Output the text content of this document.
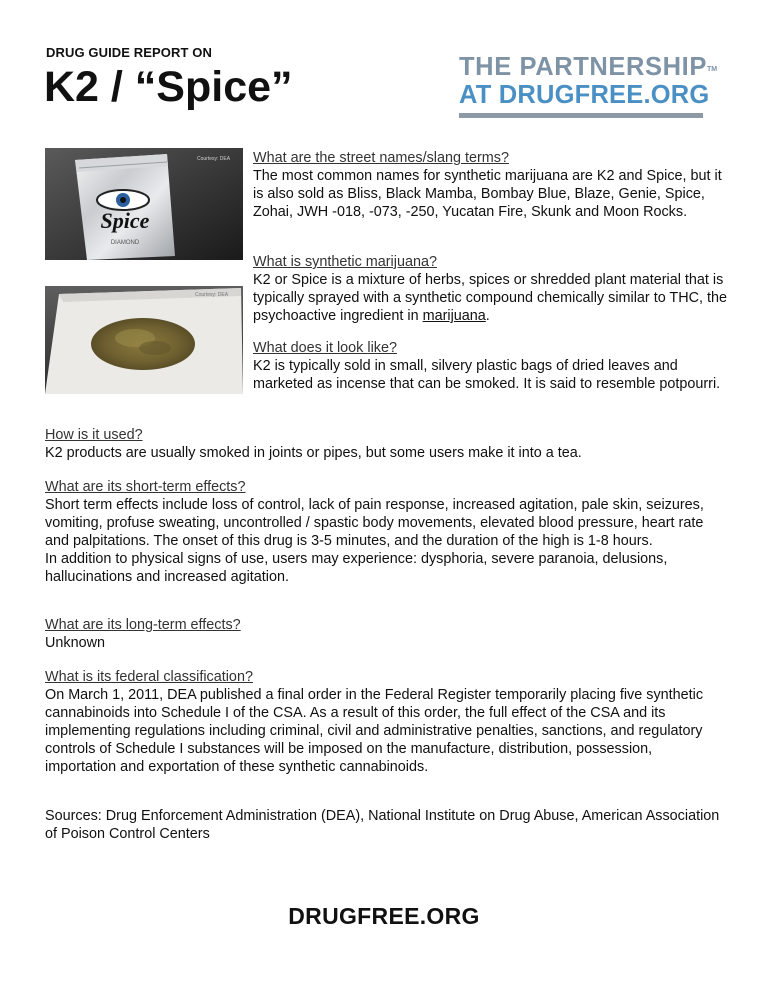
DRUG GUIDE REPORT ON
K2 / “Spice”	THE PARTNERSHIP™
AT DRUGFREE.ORG
Spice
DIAMOND
Courtesy: DEA
Courtesy: DEA
What are the street names/slang terms?
The most common names for synthetic marijuana are K2 and Spice, but it is also sold as Bliss, Black Mamba, Bombay Blue, Blaze, Genie, Spice, Zohai, JWH -018, -073, -250, Yucatan Fire, Skunk and Moon Rocks.
What is synthetic marijuana?
K2 or Spice is a mixture of herbs, spices or shredded plant material that is typically sprayed with a synthetic compound chemically similar to THC, the psychoactive ingredient in marijuana.
What does it look like?
K2 is typically sold in small, silvery plastic bags of dried leaves and marketed as incense that can be smoked. It is said to resemble potpourri.
How is it used?
K2 products are usually smoked in joints or pipes, but some users make it into a tea.
What are its short-term effects?
Short term effects include loss of control, lack of pain response, increased agitation, pale skin, seizures, vomiting, profuse sweating, uncontrolled / spastic body movements, elevated blood pressure, heart rate and palpitations. The onset of this drug is 3-5 minutes, and the duration of the high is 1-8 hours.
In addition to physical signs of use, users may experience: dysphoria, severe paranoia, delusions, hallucinations and increased agitation.
What are its long-term effects?
Unknown
What is its federal classification?
On March 1, 2011, DEA published a final order in the Federal Register temporarily placing five synthetic cannabinoids into Schedule I of the CSA. As a result of this order, the full effect of the CSA and its implementing regulations including criminal, civil and administrative penalties, sanctions, and regulatory controls of Schedule I substances will be imposed on the manufacture, distribution, possession, importation and exportation of these synthetic cannabinoids.
Sources: Drug Enforcement Administration (DEA), National Institute on Drug Abuse, American Association of Poison Control Centers
DRUGFREE.ORG
